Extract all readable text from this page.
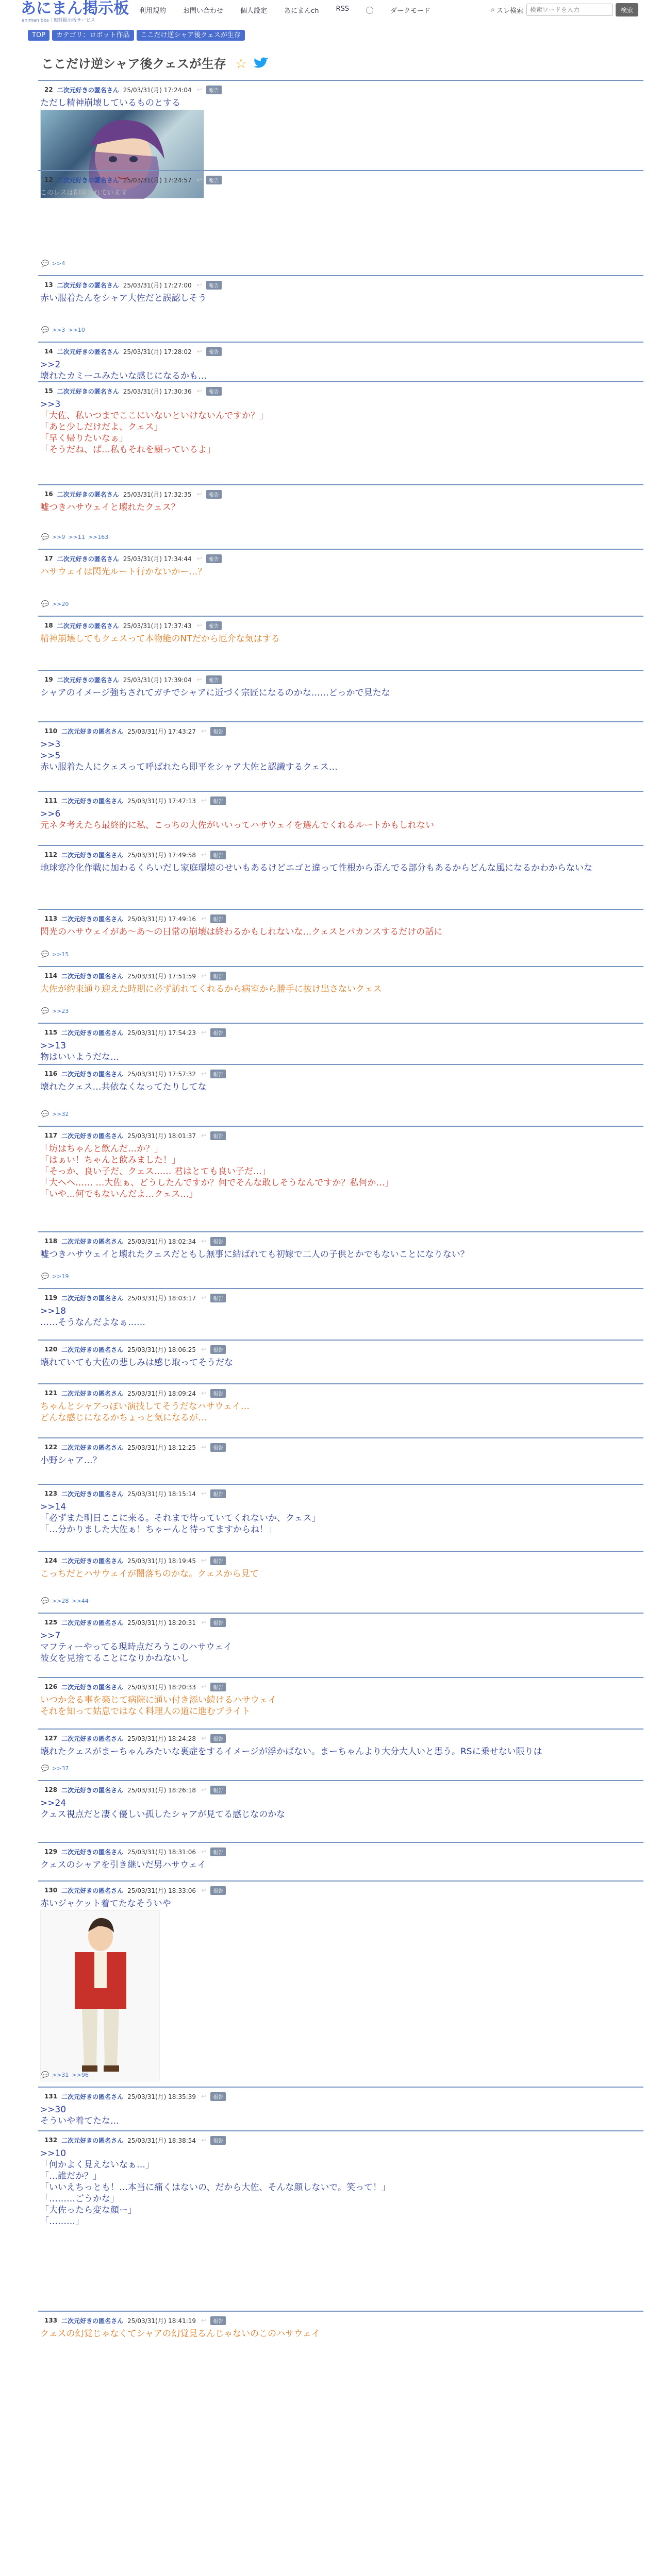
あにまん掲示板
animan bbs｜無料掲示板サービス
利用規約	お問い合わせ	個人設定	あにまんch	RSS	ダークモード	⌕ スレ検索
検索ワードを入力	検索
TOP	カテゴリ：ロボット作品	ここだけ逆シャア後クェスが生存
ここだけ逆シャア後クェスが生存 ☆
22 二次元好きの匿名さん 25/03/31(月) 17:24:04 ↩	報告
ただし精神崩壊しているものとする
12 二次元好きの匿名さん 25/03/31(月) 17:24:57 ↩	報告
このレスは削除されています
💬 >>4
13 二次元好きの匿名さん 25/03/31(月) 17:27:00 ↩	報告
赤い服着たんをシャア大佐だと誤認しそう
💬 >>3 >>10
14 二次元好きの匿名さん 25/03/31(月) 17:28:02 ↩	報告
>>2
壊れたカミーユみたいな感じになるかも…
15 二次元好きの匿名さん 25/03/31(月) 17:30:36 ↩	報告
>>3
「大佐、私いつまでここにいないといけないんですか？」
「あと少しだけだよ、クェス」
「早く帰りたいなぁ」
「そうだね、ぱ…私もそれを願っているよ」
16 二次元好きの匿名さん 25/03/31(月) 17:32:35 ↩	報告
嘘つきハサウェイと壊れたクェス？
💬 >>9 >>11 >>163
17 二次元好きの匿名さん 25/03/31(月) 17:34:44 ↩	報告
ハサウェイは閃光ルート行かないかー…？
💬 >>20
18 二次元好きの匿名さん 25/03/31(月) 17:37:43 ↩	報告
精神崩壊してもクェスって本物能のNTだから厄介な気はする
19 二次元好きの匿名さん 25/03/31(月) 17:39:04 ↩	報告
シャアのイメージ強ちされてガチでシャアに近づく宗匠になるのかな……どっかで見たな
110 二次元好きの匿名さん 25/03/31(月) 17:43:27 ↩	報告
>>3
>>5
赤い服着た人にクェスって呼ばれたら即平をシャア大佐と認識するクェス…
111 二次元好きの匿名さん 25/03/31(月) 17:47:13 ↩	報告
>>6
元ネタ考えたら最終的に私、こっちの大佐がいいってハサウェイを選んでくれるルートかもしれない
112 二次元好きの匿名さん 25/03/31(月) 17:49:58 ↩	報告
地球寒冷化作戦に加わるくらいだし家庭環境のせいもあるけどエゴと違って性根から歪んでる部分もあるからどんな風になるかわからないな
113 二次元好きの匿名さん 25/03/31(月) 17:49:16 ↩	報告
閃光のハサウェイがあ〜あ〜の日常の崩壊は終わるかもしれないな…クェスとパカンスするだけの話に
💬 >>15
114 二次元好きの匿名さん 25/03/31(月) 17:51:59 ↩	報告
大佐が約束通り迎えた時期に必ず訪れてくれるから病室から勝手に抜け出さないクェス
💬 >>23
115 二次元好きの匿名さん 25/03/31(月) 17:54:23 ↩	報告
>>13
物はいいようだな…
116 二次元好きの匿名さん 25/03/31(月) 17:57:32 ↩	報告
壊れたクェス…共依なくなってたりしてな
💬 >>32
117 二次元好きの匿名さん 25/03/31(月) 18:01:37 ↩	報告
「坊はちゃんと飲んだ…か？」
「はぁい！ちゃんと飲みました！」
「そっか、良い子だ、クェス…… 君はとても良い子だ…」
「大ヘヘ…… …大佐ぁ、どうしたんですか？何でそんな敢しそうなんですか？私何か…」
「いや…何でもないんだよ…クェス…」
118 二次元好きの匿名さん 25/03/31(月) 18:02:34 ↩	報告
嘘つきハサウェイと壊れたクェスだともし無事に結ばれても初嫁で二人の子供とかでもないことになりない？
💬 >>19
119 二次元好きの匿名さん 25/03/31(月) 18:03:17 ↩	報告
>>18
……そうなんだよなぁ……
120 二次元好きの匿名さん 25/03/31(月) 18:06:25 ↩	報告
壊れていても大佐の悲しみは感じ取ってそうだな
121 二次元好きの匿名さん 25/03/31(月) 18:09:24 ↩	報告
ちゃんとシャアっぽい演技してそうだなハサウェイ…
どんな感じになるかちょっと気になるが…
122 二次元好きの匿名さん 25/03/31(月) 18:12:25 ↩	報告
小野シャア…？
123 二次元好きの匿名さん 25/03/31(月) 18:15:14 ↩	報告
>>14
「必ずまた明日ここに来る。それまで待っていてくれないか、クェス」
「…分かりました大佐ぁ！ちゃーんと待ってますからね！」
124 二次元好きの匿名さん 25/03/31(月) 18:19:45 ↩	報告
こっちだとハサウェイが闇落ちのかな。クェスから見て
💬 >>28 >>44
125 二次元好きの匿名さん 25/03/31(月) 18:20:31 ↩	報告
>>7
マフティーやってる現時点だろうこのハサウェイ
彼女を見捨てることになりかねないし
126 二次元好きの匿名さん 25/03/31(月) 18:20:33 ↩	報告
いつか会る事を楽じて病院に通い付き添い続けるハサウェイ
それを知って姑息ではなく料理人の道に進むブライト
127 二次元好きの匿名さん 25/03/31(月) 18:24:28 ↩	報告
壊れたクェスがまーちゃんみたいな裏症をするイメージが浮かばない。まーちゃんより大分大人いと思う。RSに乗せない限りは
💬 >>37
128 二次元好きの匿名さん 25/03/31(月) 18:26:18 ↩	報告
>>24
クェス視点だと凄く優しい孤したシャアが見てる感じなのかな
129 二次元好きの匿名さん 25/03/31(月) 18:31:06 ↩	報告
クェスのシャアを引き継いだ男ハサウェイ
130 二次元好きの匿名さん 25/03/31(月) 18:33:06 ↩	報告
赤いジャケット着てたなそういや
💬 >>31 >>96
131 二次元好きの匿名さん 25/03/31(月) 18:35:39 ↩	報告
>>30
そういや着てたな…
132 二次元好きの匿名さん 25/03/31(月) 18:38:54 ↩	報告
>>10
「何かよく見えないなぁ…」
「…誰だか？」
「いいえちっとも！…本当に痛くはないの、だから大佐、そんな顔しないで。笑って！」
「………ごうかな」
「大佐ったら変な顔ー」
「………」
133 二次元好きの匿名さん 25/03/31(月) 18:41:19 ↩	報告
クェスの幻覚じゃなくてシャアの幻覚見るんじゃないのこのハサウェイ
